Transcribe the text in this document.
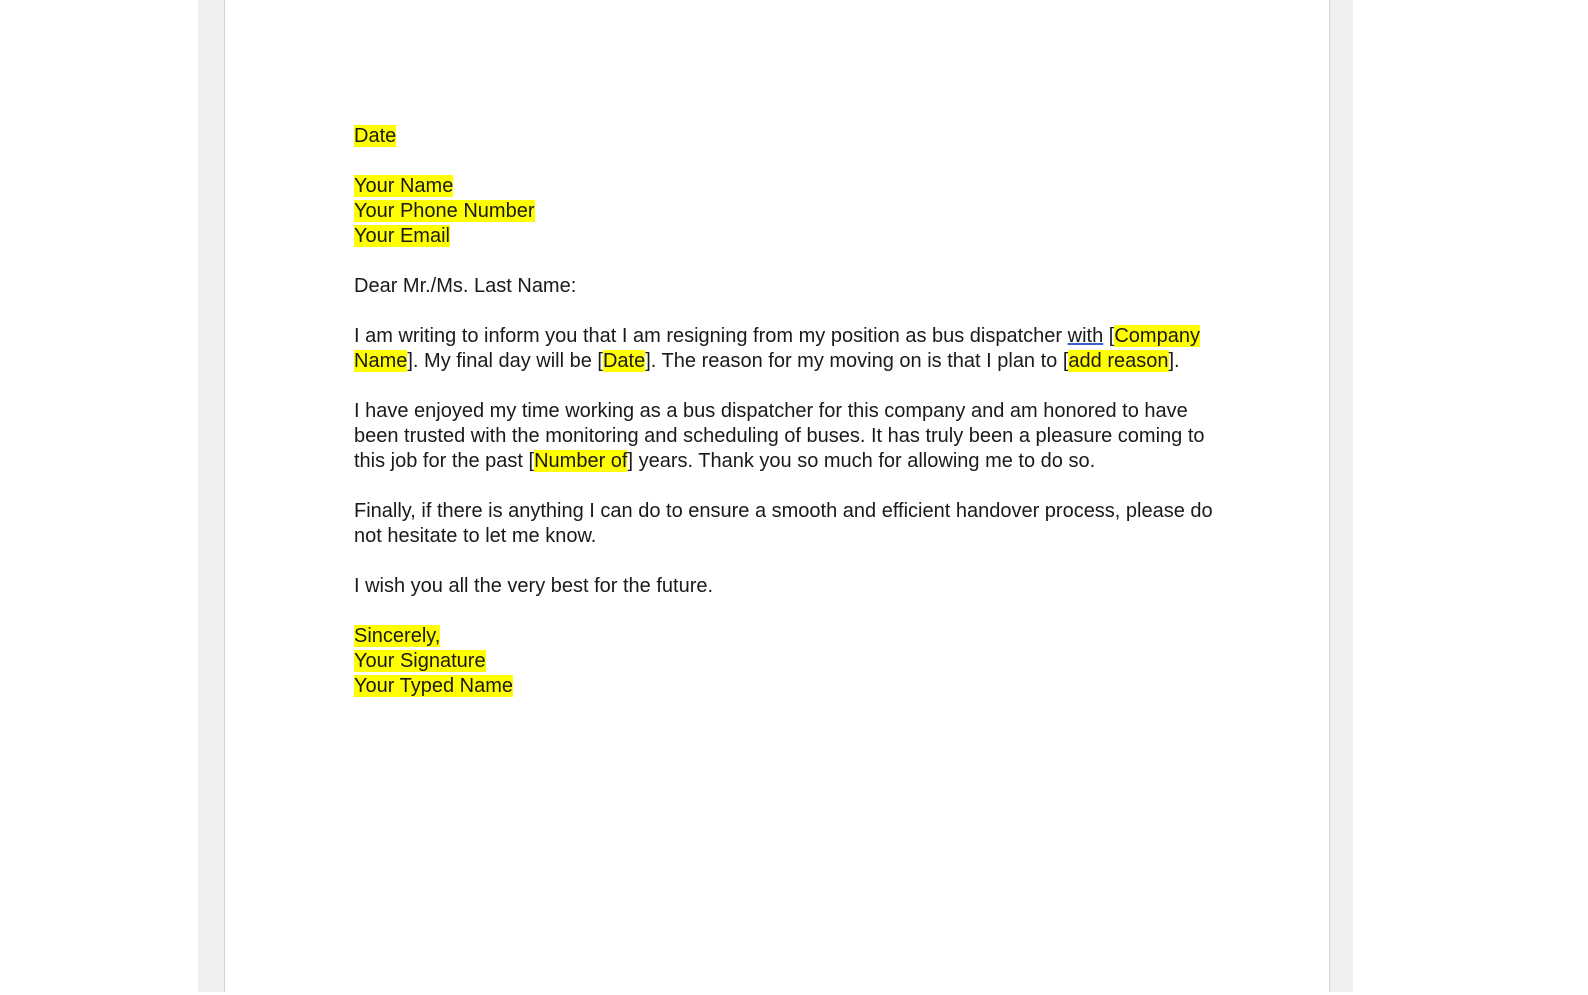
Date

Your Name
Your Phone Number
Your Email

Dear Mr./Ms. Last Name:

I am writing to inform you that I am resigning from my position as bus dispatcher with [Company Name]. My final day will be [Date]. The reason for my moving on is that I plan to [add reason].

I have enjoyed my time working as a bus dispatcher for this company and am honored to have been trusted with the monitoring and scheduling of buses. It has truly been a pleasure coming to this job for the past [Number of] years. Thank you so much for allowing me to do so.

Finally, if there is anything I can do to ensure a smooth and efficient handover process, please do not hesitate to let me know.

I wish you all the very best for the future.

Sincerely,
Your Signature
Your Typed Name
